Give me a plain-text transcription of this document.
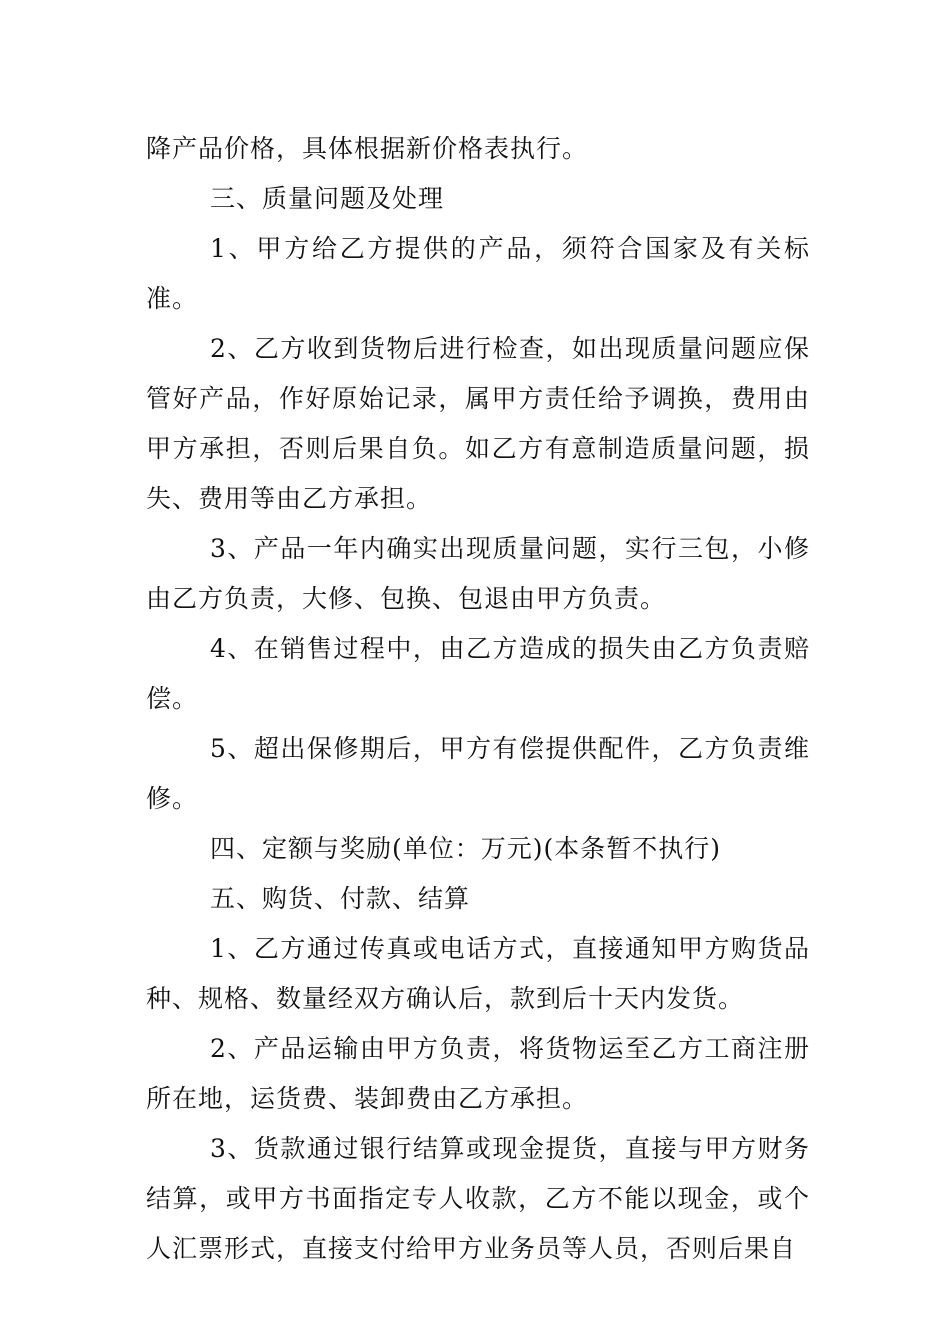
降产品价格，具体根据新价格表执行。

三、质量问题及处理

1、甲方给乙方提供的产品，须符合国家及有关标准。

2、乙方收到货物后进行检查，如出现质量问题应保管好产品，作好原始记录，属甲方责任给予调换，费用由甲方承担，否则后果自负。如乙方有意制造质量问题，损失、费用等由乙方承担。

3、产品一年内确实出现质量问题，实行三包，小修由乙方负责，大修、包换、包退由甲方负责。

4、在销售过程中，由乙方造成的损失由乙方负责赔偿。

5、超出保修期后，甲方有偿提供配件，乙方负责维修。

四、定额与奖励(单位：万元)(本条暂不执行)

五、购货、付款、结算

1、乙方通过传真或电话方式，直接通知甲方购货品种、规格、数量经双方确认后，款到后十天内发货。

2、产品运输由甲方负责，将货物运至乙方工商注册所在地，运货费、装卸费由乙方承担。

3、货款通过银行结算或现金提货，直接与甲方财务结算，或甲方书面指定专人收款，乙方不能以现金，或个人汇票形式，直接支付给甲方业务员等人员，否则后果自
